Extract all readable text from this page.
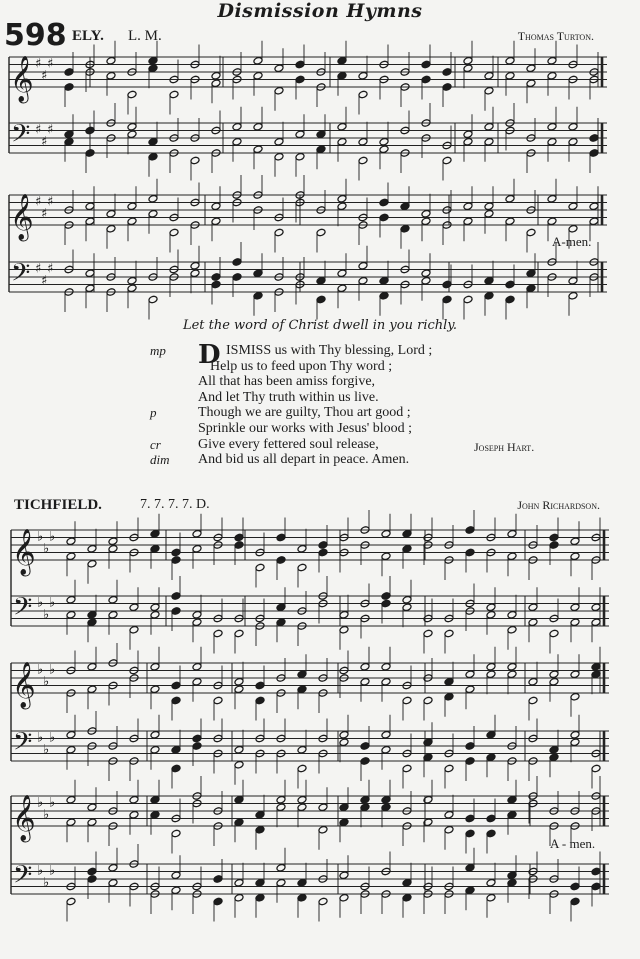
Dismission Hymns
598 ELY. L. M.	Thomas Turton.
A-men.
Let the word of Christ dwell in you richly.
mp	ISMISS us with Thy blessing, Lord ;
D
Help us to feed upon Thy word ;
All that has been amiss forgive,
And let Thy truth within us live.
p	Though we are guilty, Thou art good ;
Sprinkle our works with Jesus' blood ;
cr	Give every fettered soul release,
dim And bid us all depart in peace. Amen.
Joseph Hart.
TICHFIELD.	7. 7. 7. 7. D.	John Richardson.
A - men.
𝄞 ♯
♯
♯
𝄢 ♯
♯
♯
𝄞 ♯
♯
♯
𝄢 ♯
♯
♯
𝄞 ♭
♭
♭
𝄢 ♭
♭
♭
𝄞 ♭
♭
♭
𝄢 ♭
♭
♭
𝄞 ♭
♭
♭
𝄢 ♭
♭
♭
